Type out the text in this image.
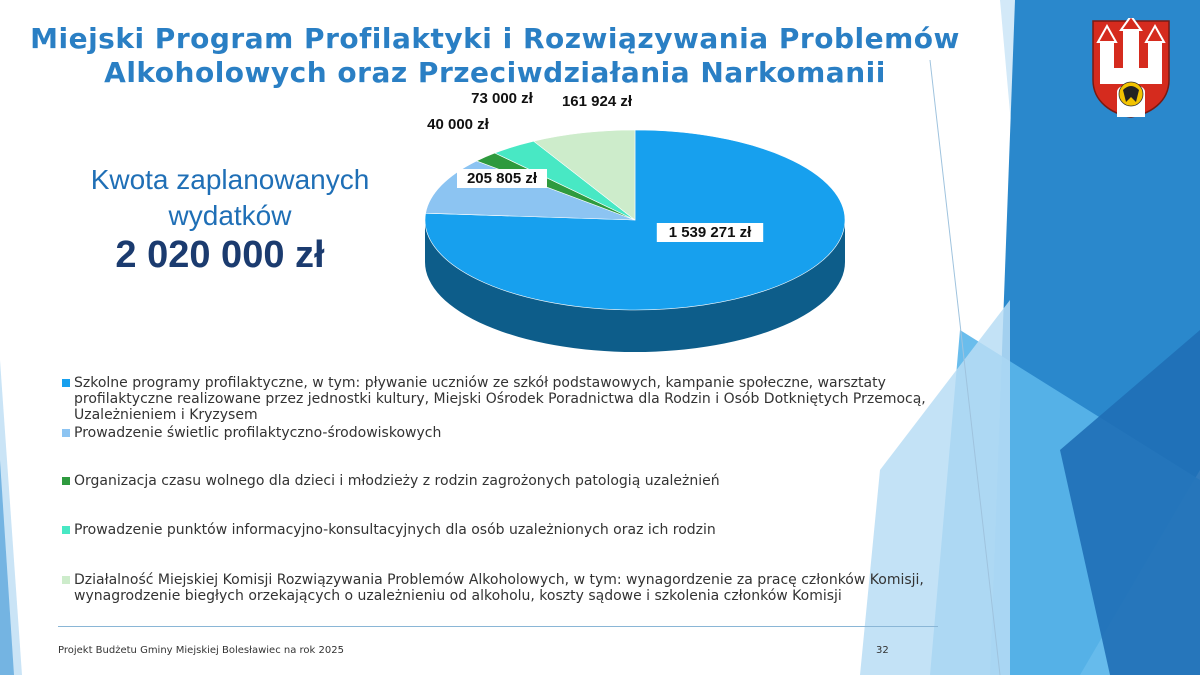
Miejski Program Profilaktyki i Rozwiązywania Problemów
Alkoholowych oraz Przeciwdziałania Narkomanii
Kwota zaplanowanych
wydatków
2 020 000 zł
1 539 271 zł
205 805 zł
40 000 zł
73 000 zł 161 924 zł
Szkolne programy profilaktyczne, w tym: pływanie uczniów ze szkół podstawowych, kampanie społeczne, warsztaty profilaktyczne realizowane przez jednostki kultury, Miejski Ośrodek Poradnictwa dla Rodzin i Osób Dotkniętych Przemocą, Uzależnieniem i Kryzysem
Prowadzenie świetlic profilaktyczno-środowiskowych
Organizacja czasu wolnego dla dzieci i młodzieży z rodzin zagrożonych patologią uzależnień
Prowadzenie punktów informacyjno-konsultacyjnych dla osób uzależnionych oraz ich rodzin
Działalność Miejskiej Komisji Rozwiązywania Problemów Alkoholowych, w tym: wynagordzenie za pracę członków Komisji, wynagrodzenie biegłych orzekających o uzależnieniu od alkoholu, koszty sądowe i szkolenia członków Komisji
Projekt Budżetu Gminy Miejskiej Bolesławiec na rok 2025	32
